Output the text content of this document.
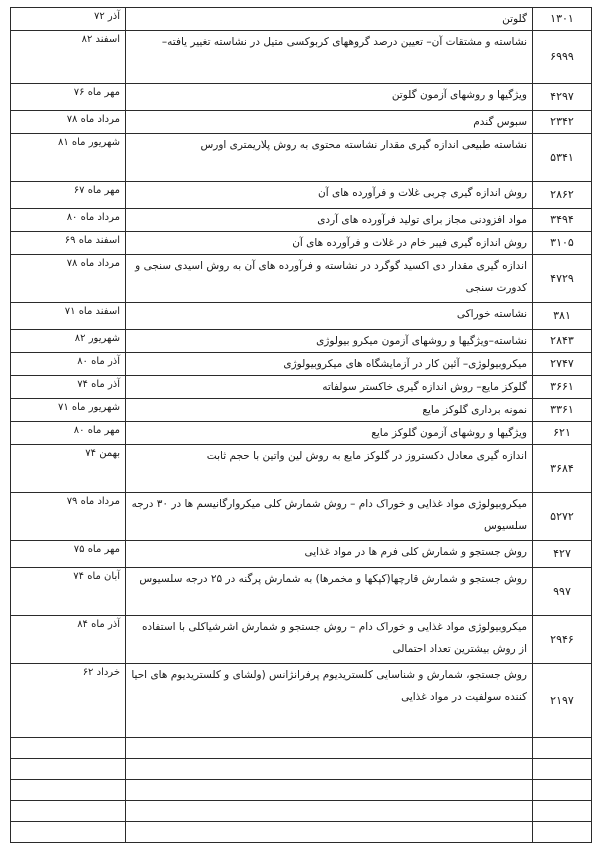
۱۳۰۱	گلوتن	آذر ۷۲

۶۹۹۹	نشاسته و مشتقات آن– تعیین درصد گروههای کربوکسی متیل در نشاسته تغییر یافته–	اسفند ۸۲

۴۲۹۷	ویژگیها و روشهای آزمون گلوتن	مهر ماه ۷۶

۲۳۴۲	سبوس گندم	مرداد ماه ۷۸

۵۳۴۱	نشاسته طبیعی اندازه گیری مقدار نشاسته محتوی به روش پلاریمتری اورس	شهریور ماه ۸۱

۲۸۶۲	روش اندازه گیری چربی غلات و فرآورده های آن	مهر ماه ۶۷

۳۴۹۴	مواد افزودنی مجاز برای تولید فرآورده های آردی	مرداد ماه ۸۰

۳۱۰۵	روش اندازه گیری فیبر خام در غلات و فرآورده های آن	اسفند ماه ۶۹

۴۷۲۹	اندازه گیری مقدار دی اکسید گوگرد در نشاسته و فرآورده های آن به روش اسیدی سنجی و کدورت سنجی	مرداد ماه ۷۸

۳۸۱	نشاسته خوراکی	اسفند ماه ۷۱

۲۸۴۳	نشاسته–ویژگیها و روشهای آزمون میکرو بیولوژی	شهریور ۸۲

۲۷۴۷	میکروبیولوژی– آئین کار در آزمایشگاه های میکروبیولوژی	آذر ماه ۸۰

۳۶۶۱	گلوکز مایع– روش اندازه گیری خاکستر سولفاته	آذر ماه ۷۴

۳۳۶۱	نمونه برداری گلوکز مایع	شهریور ماه ۷۱

۶۲۱	ویژگیها و روشهای آزمون گلوکز مایع	مهر ماه ۸۰

۳۶۸۴	اندازه گیری معادل دکستروز در گلوکز مایع به روش لین واتین با حجم ثابت	بهمن ۷۴

۵۲۷۲	میکروبیولوژی مواد غذایی و خوراک دام – روش شمارش کلی میکروارگانیسم ها در ۳۰ درجه سلسیوس	مرداد ماه ۷۹

۴۲۷	روش جستجو و شمارش کلی فرم ها در مواد غذایی	مهر ماه ۷۵

۹۹۷	روش جستجو و شمارش قارچها(کپکها و مخمرها) به شمارش پرگنه در ۲۵ درجه سلسیوس	آبان ماه ۷۴

۲۹۴۶	میکروبیولوژی مواد غذایی و خوراک دام – روش جستجو و شمارش اشرشیاکلی با استفاده از روش بیشترین تعداد احتمالی	آذر ماه ۸۴

۲۱۹۷	روش جستجو، شمارش و شناسایی کلستریدیوم پرفرانژانس (ولشای و کلستریدیوم های احیا کننده سولفیت در مواد غذایی	خرداد ۶۲
